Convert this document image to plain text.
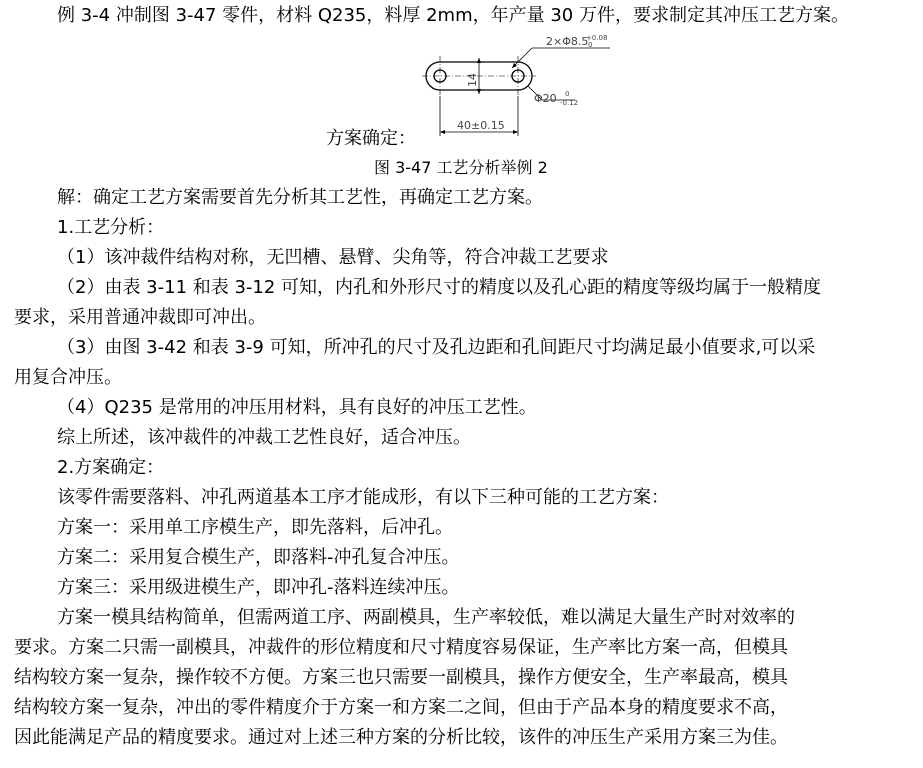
例 3-4 冲制图 3-47 零件，材料 Q235，料厚 2mm，年产量 30 万件，要求制定其冲压工艺方案。
14
2×Φ8.5
+0.08
0
Φ20 0
-0.12
40±0.15
方案确定：
图 3-47 工艺分析举例 2
解：确定工艺方案需要首先分析其工艺性，再确定工艺方案。
1.工艺分析：
（1）该冲裁件结构对称，无凹槽、悬臂、尖角等，符合冲裁工艺要求
（2）由表 3-11 和表 3-12 可知，内孔和外形尺寸的精度以及孔心距的精度等级均属于一般精度
要求，采用普通冲裁即可冲出。
（3）由图 3-42 和表 3-9 可知，所冲孔的尺寸及孔边距和孔间距尺寸均满足最小值要求,可以采
用复合冲压。
（4）Q235 是常用的冲压用材料，具有良好的冲压工艺性。
综上所述，该冲裁件的冲裁工艺性良好，适合冲压。
2.方案确定：
该零件需要落料、冲孔两道基本工序才能成形，有以下三种可能的工艺方案：
方案一：采用单工序模生产，即先落料，后冲孔。
方案二：采用复合模生产，即落料-冲孔复合冲压。
方案三：采用级进模生产，即冲孔-落料连续冲压。
方案一模具结构简单，但需两道工序、两副模具，生产率较低，难以满足大量生产时对效率的
要求。方案二只需一副模具，冲裁件的形位精度和尺寸精度容易保证，生产率比方案一高，但模具
结构较方案一复杂，操作较不方便。方案三也只需要一副模具，操作方便安全，生产率最高，模具
结构较方案一复杂，冲出的零件精度介于方案一和方案二之间，但由于产品本身的精度要求不高，
因此能满足产品的精度要求。通过对上述三种方案的分析比较，该件的冲压生产采用方案三为佳。
